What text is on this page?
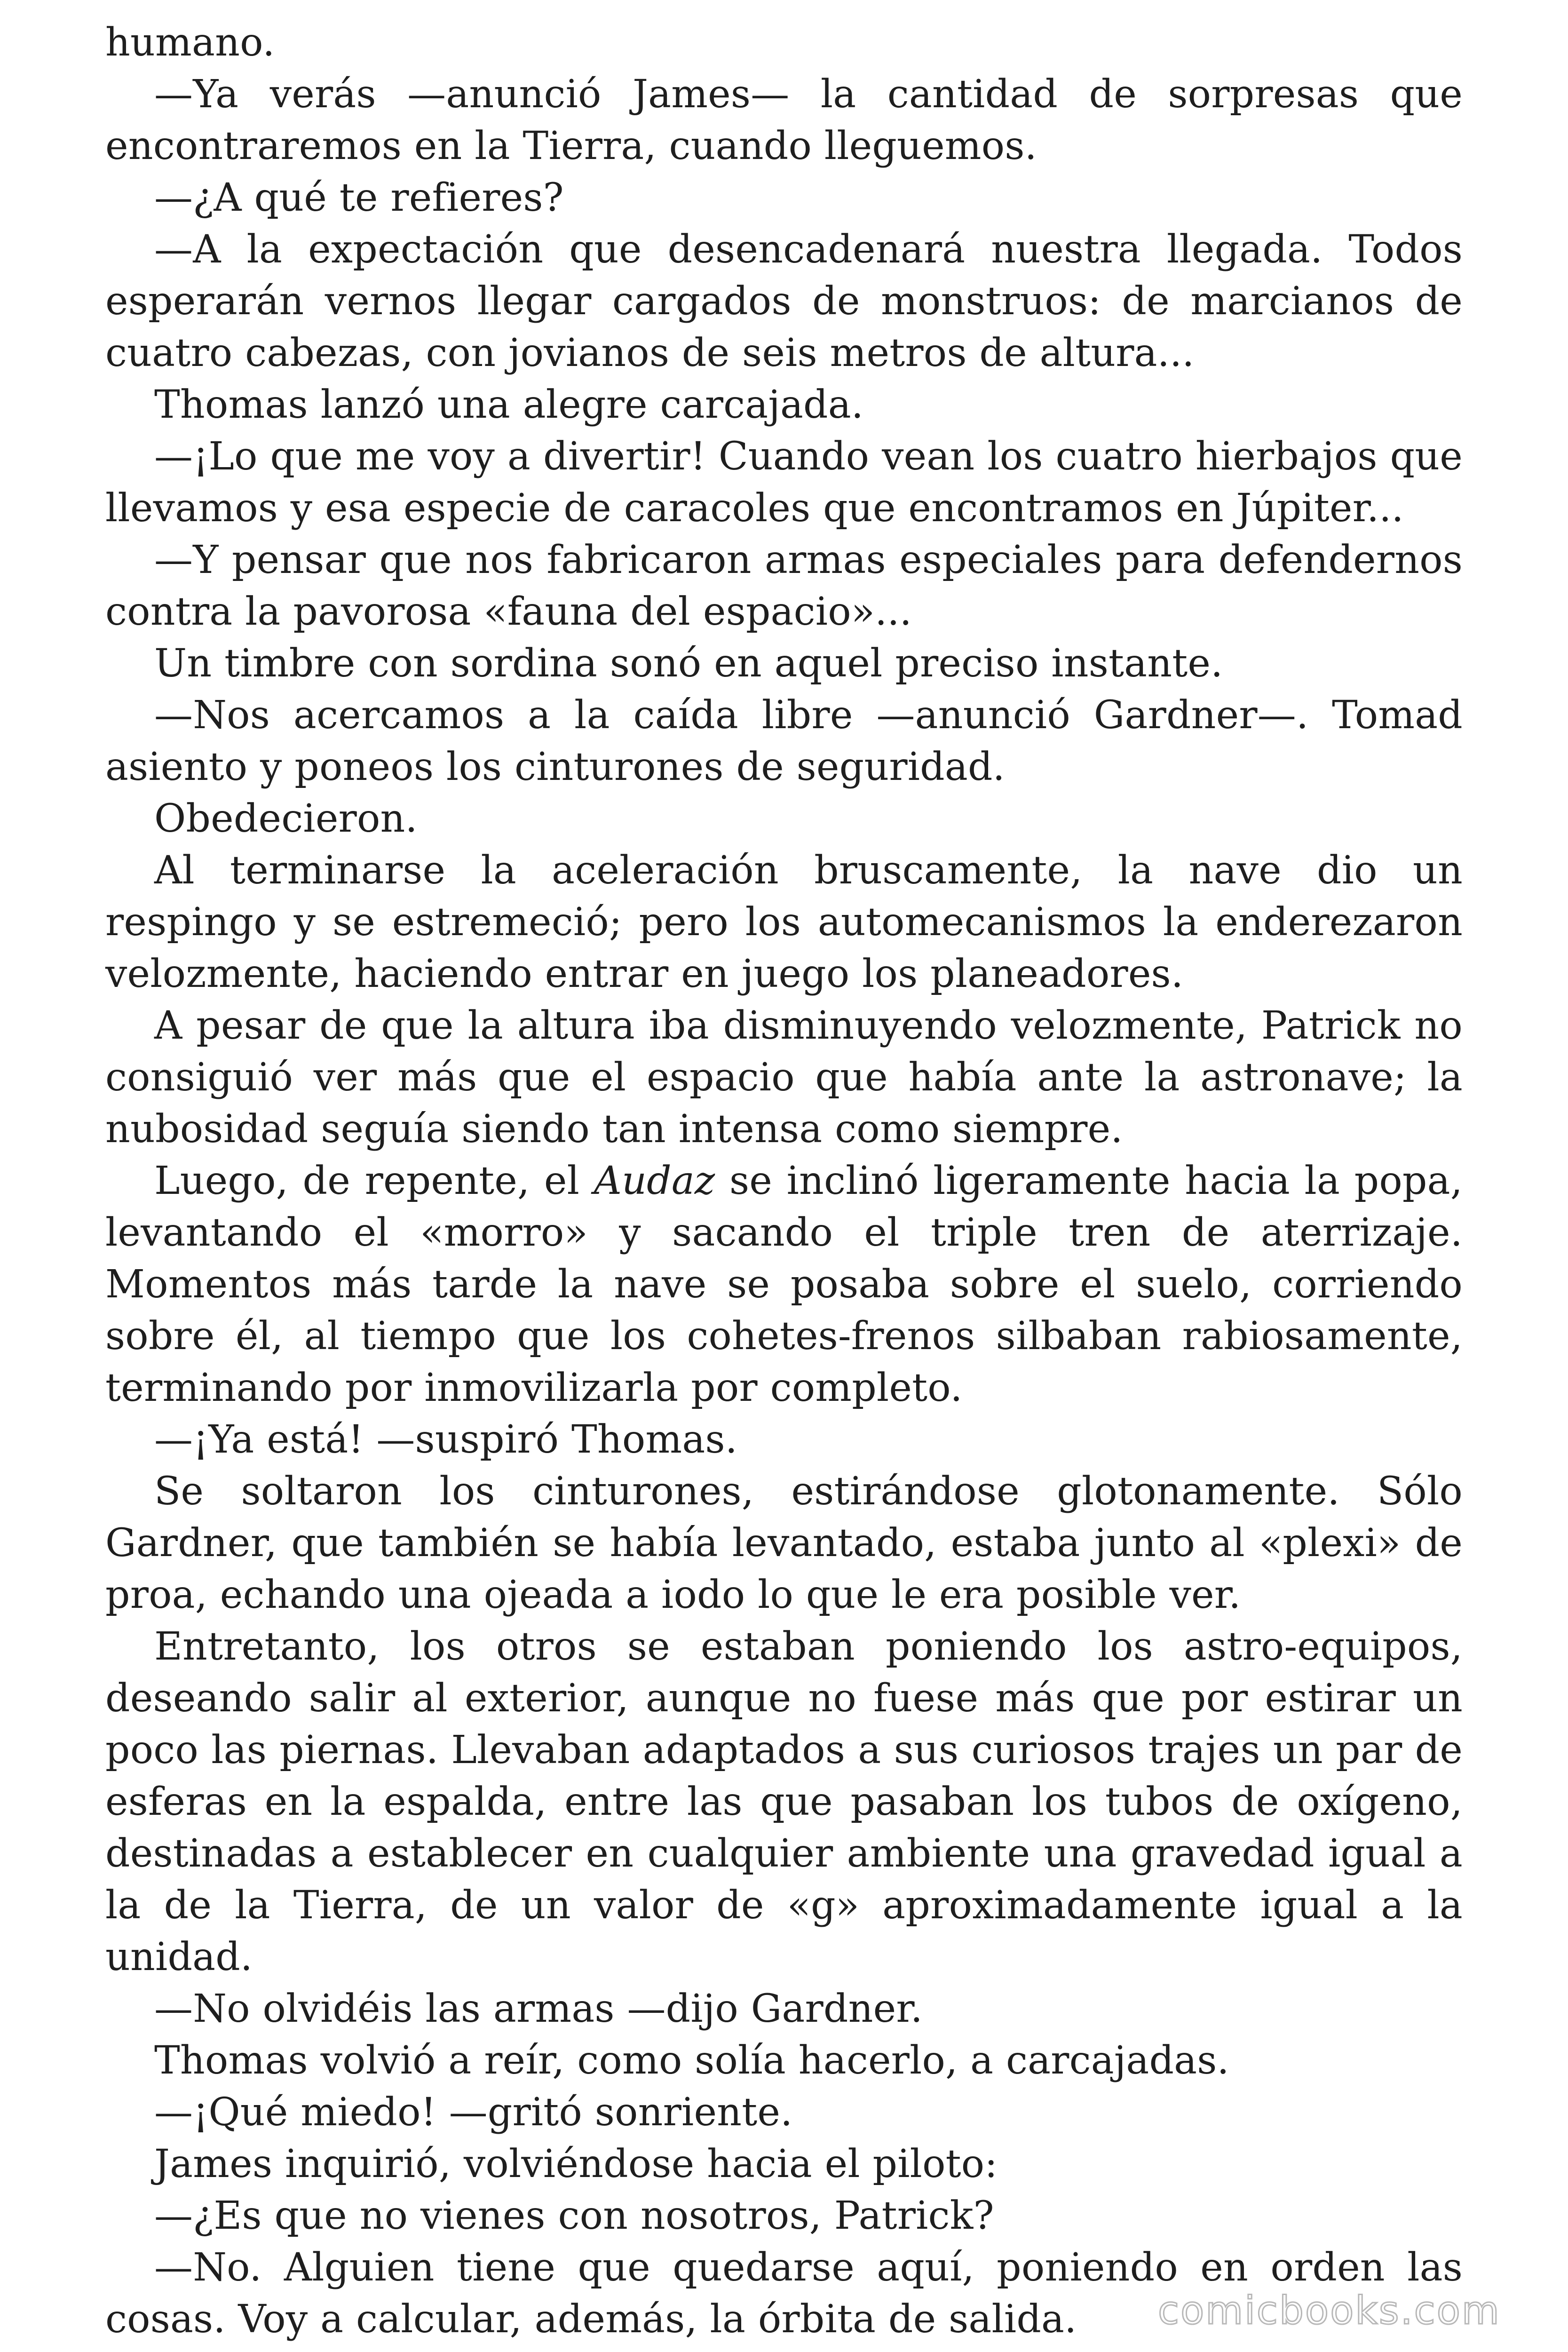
humano.

—Ya verás —anunció James— la cantidad de sorpresas que encontraremos en la Tierra, cuando lleguemos.

—¿A qué te refieres?

—A la expectación que desencadenará nuestra llegada. Todos esperarán vernos llegar cargados de monstruos: de marcianos de cuatro cabezas, con jovianos de seis metros de altura...

Thomas lanzó una alegre carcajada.

—¡Lo que me voy a divertir! Cuando vean los cuatro hierbajos que llevamos y esa especie de caracoles que encontramos en Júpiter...

—Y pensar que nos fabricaron armas especiales para defendernos contra la pavorosa «fauna del espacio»...

Un timbre con sordina sonó en aquel preciso instante.

—Nos acercamos a la caída libre —anunció Gardner—. Tomad asiento y poneos los cinturones de seguridad.

Obedecieron.

Al terminarse la aceleración bruscamente, la nave dio un respingo y se estremeció; pero los automecanismos la enderezaron velozmente, haciendo entrar en juego los planeadores.

A pesar de que la altura iba disminuyendo velozmente, Patrick no consiguió ver más que el espacio que había ante la astronave; la nubosidad seguía siendo tan intensa como siempre.

Luego, de repente, el Audaz se inclinó ligeramente hacia la popa, levantando el «morro» y sacando el triple tren de aterrizaje. Momentos más tarde la nave se posaba sobre el suelo, corriendo sobre él, al tiempo que los cohetes-frenos silbaban rabiosamente, terminando por inmovilizarla por completo.

—¡Ya está! —suspiró Thomas.

Se soltaron los cinturones, estirándose glotonamente. Sólo Gardner, que también se había levantado, estaba junto al «plexi» de proa, echando una ojeada a iodo lo que le era posible ver.

Entretanto, los otros se estaban poniendo los astro-equipos, deseando salir al exterior, aunque no fuese más que por estirar un poco las piernas. Llevaban adaptados a sus curiosos trajes un par de esferas en la espalda, entre las que pasaban los tubos de oxígeno, destinadas a establecer en cualquier ambiente una gravedad igual a la de la Tierra, de un valor de «g» aproximadamente igual a la unidad.

—No olvidéis las armas —dijo Gardner.

Thomas volvió a reír, como solía hacerlo, a carcajadas.

—¡Qué miedo! —gritó sonriente.

James inquirió, volviéndose hacia el piloto:

—¿Es que no vienes con nosotros, Patrick?

—No. Alguien tiene que quedarse aquí, poniendo en orden las cosas. Voy a calcular, además, la órbita de salida.	comicbooks.com
